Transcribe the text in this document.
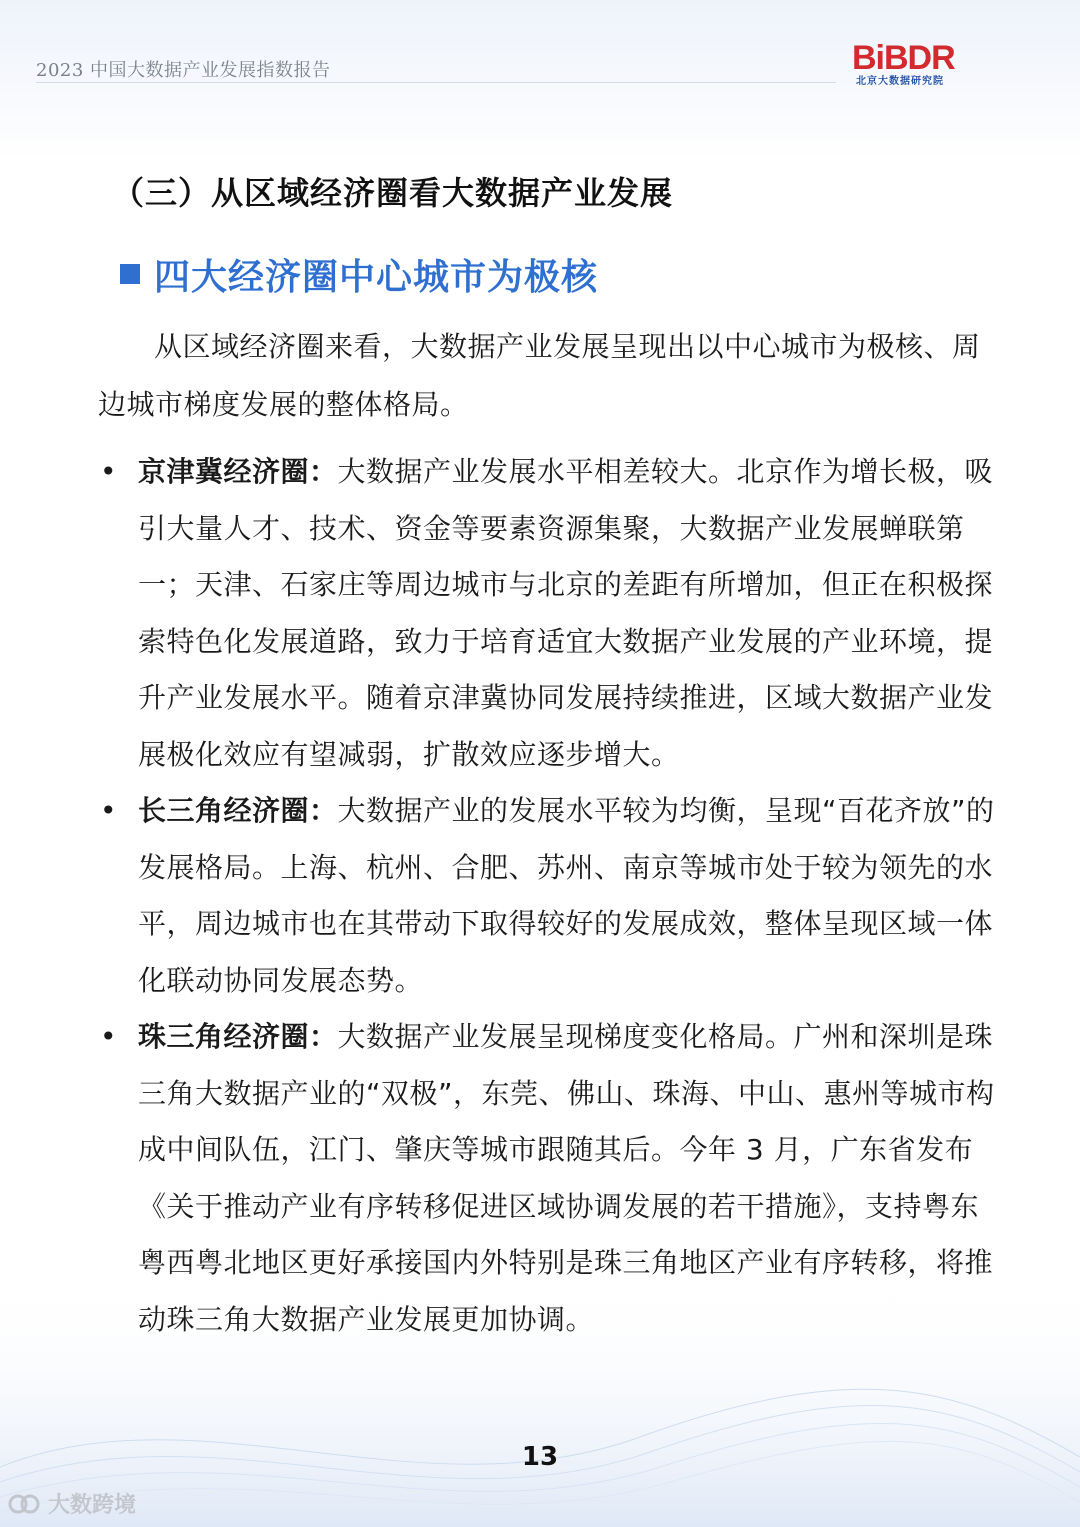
2023 中国大数据产业发展指数报告	BiBDR
北京大数据研究院
（三）从区域经济圈看大数据产业发展
四大经济圈中心城市为极核

从区域经济圈来看，大数据产业发展呈现出以中心城市为极核、周边城市梯度发展的整体格局。

• 京津冀经济圈：大数据产业发展水平相差较大。北京作为增长极，吸引大量人才、技术、资金等要素资源集聚，大数据产业发展蝉联第一；天津、石家庄等周边城市与北京的差距有所增加，但正在积极探索特色化发展道路，致力于培育适宜大数据产业发展的产业环境，提升产业发展水平。随着京津冀协同发展持续推进，区域大数据产业发展极化效应有望减弱，扩散效应逐步增大。
• 长三角经济圈：大数据产业的发展水平较为均衡，呈现“百花齐放”的发展格局。上海、杭州、合肥、苏州、南京等城市处于较为领先的水平，周边城市也在其带动下取得较好的发展成效，整体呈现区域一体化联动协同发展态势。
• 珠三角经济圈：大数据产业发展呈现梯度变化格局。广州和深圳是珠三角大数据产业的“双极”，东莞、佛山、珠海、中山、惠州等城市构成中间队伍，江门、肇庆等城市跟随其后。今年 3 月，广东省发布《关于推动产业有序转移促进区域协调发展的若干措施》，支持粤东粤西粤北地区更好承接国内外特别是珠三角地区产业有序转移，将推动珠三角大数据产业发展更加协调。
13
大数跨境
